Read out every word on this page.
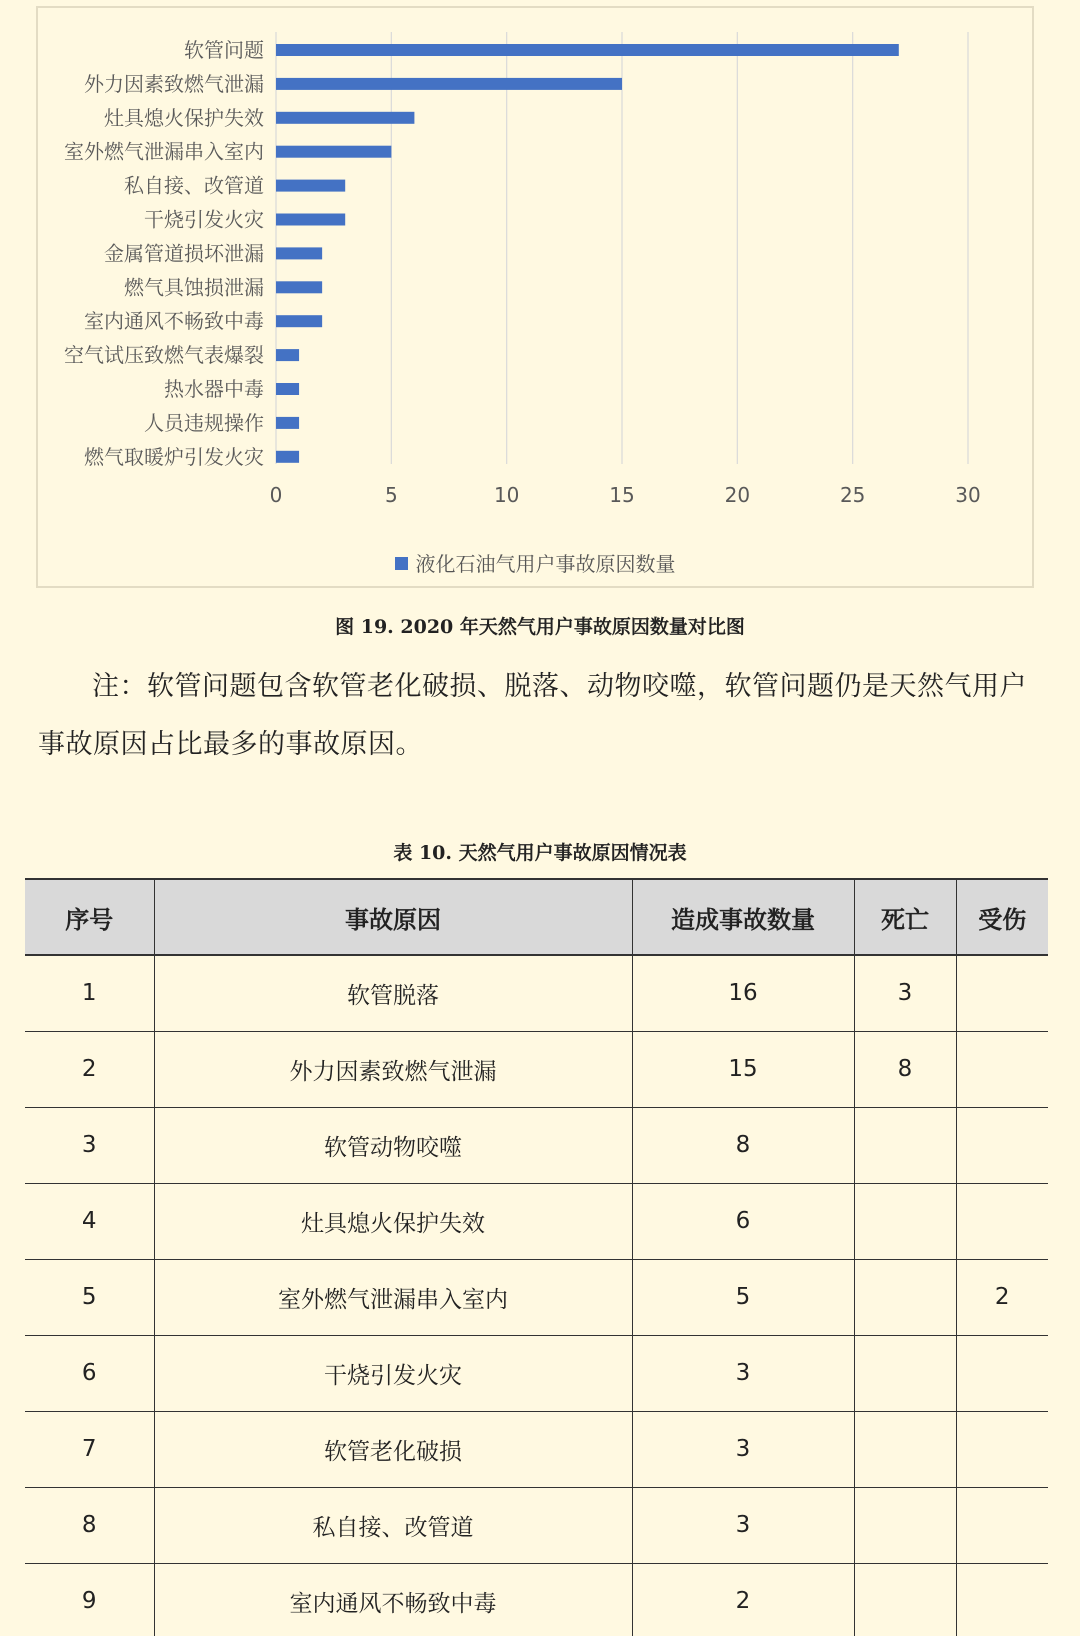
0	5	10	15	20	25	30
软管问题
外力因素致燃气泄漏
灶具熄火保护失效
室外燃气泄漏串入室内
私自接、改管道
干烧引发火灾
金属管道损坏泄漏
燃气具蚀损泄漏
室内通风不畅致中毒
空气试压致燃气表爆裂
热水器中毒
人员违规操作
燃气取暖炉引发火灾
液化石油气用户事故原因数量
图 19. 2020 年天然气用户事故原因数量对比图
注：软管问题包含软管老化破损、脱落、动物咬噬，软管问题仍是天然气用户事故原因占比最多的事故原因。
表 10. 天然气用户事故原因情况表
序号	事故原因	造成事故数量	死亡	受伤
1	软管脱落	16	3	
2	外力因素致燃气泄漏	15	8	
3	软管动物咬噬	8		
4	灶具熄火保护失效	6		
5	室外燃气泄漏串入室内	5		2
6	干烧引发火灾	3		
7	软管老化破损	3		
8	私自接、改管道	3		
9	室内通风不畅致中毒	2		
